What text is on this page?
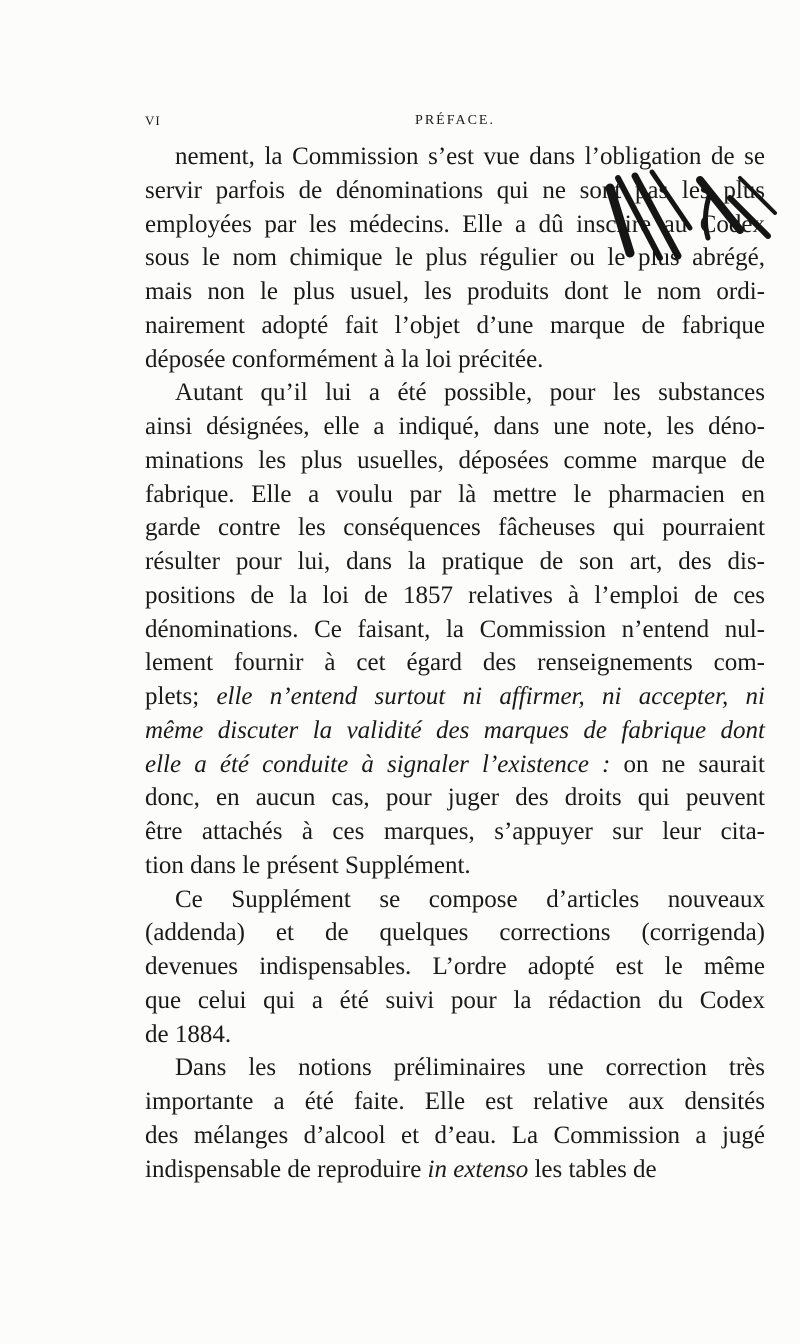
VI	PRÉFACE.
nement, la Commission s’est vue dans l’obligation de se
servir parfois de dénominations qui ne sont pas les plus
employées par les médecins. Elle a dû inscrire au Codex
sous le nom chimique le plus régulier ou le plus abrégé,
mais non le plus usuel, les produits dont le nom ordi-
nairement adopté fait l’objet d’une marque de fabrique
déposée conformément à la loi précitée.
Autant qu’il lui a été possible, pour les substances
ainsi désignées, elle a indiqué, dans une note, les déno-
minations les plus usuelles, déposées comme marque de
fabrique. Elle a voulu par là mettre le pharmacien en
garde contre les conséquences fâcheuses qui pourraient
résulter pour lui, dans la pratique de son art, des dis-
positions de la loi de 1857 relatives à l’emploi de ces
dénominations. Ce faisant, la Commission n’entend nul-
lement fournir à cet égard des renseignements com-
plets; elle n’entend surtout ni affirmer, ni accepter, ni
même discuter la validité des marques de fabrique dont
elle a été conduite à signaler l’existence : on ne saurait
donc, en aucun cas, pour juger des droits qui peuvent
être attachés à ces marques, s’appuyer sur leur cita-
tion dans le présent Supplément.
Ce Supplément se compose d’articles nouveaux
(addenda) et de quelques corrections (corrigenda)
devenues indispensables. L’ordre adopté est le même
que celui qui a été suivi pour la rédaction du Codex
de 1884.
Dans les notions préliminaires une correction très
importante a été faite. Elle est relative aux densités
des mélanges d’alcool et d’eau. La Commission a jugé
indispensable de reproduire in extenso les tables de
